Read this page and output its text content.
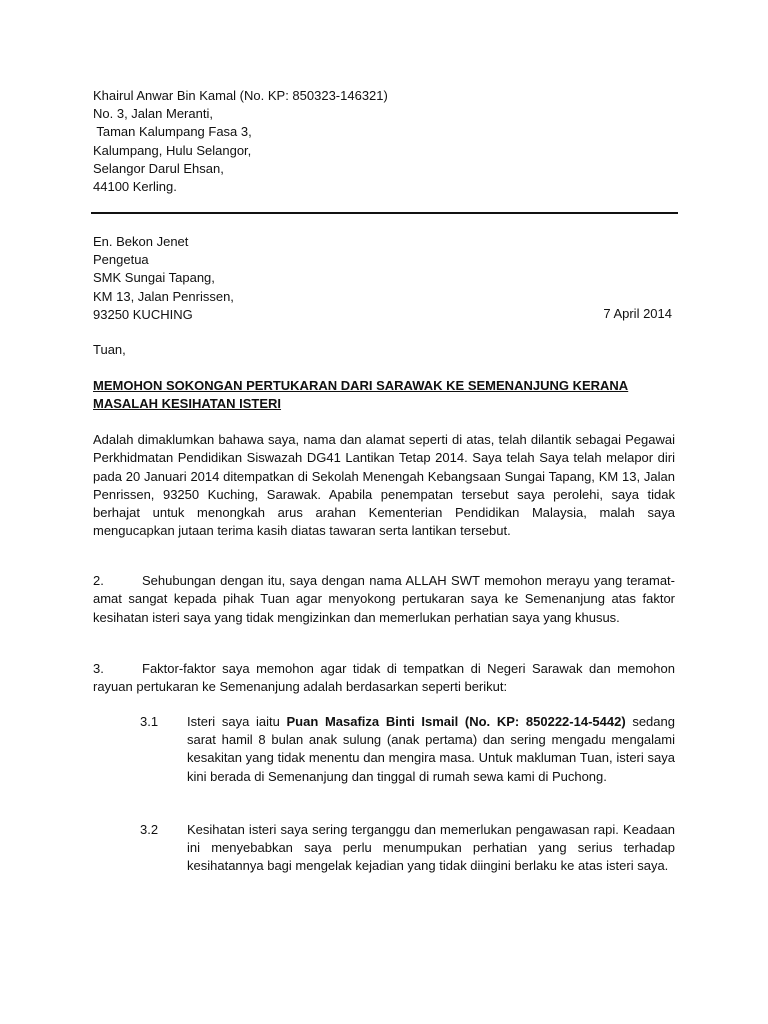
Khairul Anwar Bin Kamal (No. KP: 850323-146321)
No. 3, Jalan Meranti,
Taman Kalumpang Fasa 3,
Kalumpang, Hulu Selangor,
Selangor Darul Ehsan,
44100 Kerling.
En. Bekon Jenet
Pengetua
SMK Sungai Tapang,
KM 13, Jalan Penrissen,
93250 KUCHING	7 April 2014
Tuan,
MEMOHON SOKONGAN PERTUKARAN DARI SARAWAK KE SEMENANJUNG KERANA
MASALAH KESIHATAN ISTERI
Adalah dimaklumkan bahawa saya, nama dan alamat seperti di atas, telah dilantik sebagai Pegawai Perkhidmatan Pendidikan Siswazah DG41 Lantikan Tetap 2014. Saya telah Saya telah melapor diri pada 20 Januari 2014 ditempatkan di Sekolah Menengah Kebangsaan Sungai Tapang, KM 13, Jalan Penrissen, 93250 Kuching, Sarawak. Apabila penempatan tersebut saya perolehi, saya tidak berhajat untuk menongkah arus arahan Kementerian Pendidikan Malaysia, malah saya mengucapkan jutaan terima kasih diatas tawaran serta lantikan tersebut.
2.	Sehubungan dengan itu, saya dengan nama ALLAH SWT memohon merayu yang teramat-amat sangat kepada pihak Tuan agar menyokong pertukaran saya ke Semenanjung atas faktor kesihatan isteri saya yang tidak mengizinkan dan memerlukan perhatian saya yang khusus.
3.	Faktor-faktor saya memohon agar tidak di tempatkan di Negeri Sarawak dan memohon rayuan pertukaran ke Semenanjung adalah berdasarkan seperti berikut:
3.1 Isteri saya iaitu Puan Masafiza Binti Ismail (No. KP: 850222-14-5442) sedang sarat hamil 8 bulan anak sulung (anak pertama) dan sering mengadu mengalami kesakitan yang tidak menentu dan mengira masa. Untuk makluman Tuan, isteri saya kini berada di Semenanjung dan tinggal di rumah sewa kami di Puchong.
3.2 Kesihatan isteri saya sering terganggu dan memerlukan pengawasan rapi. Keadaan ini menyebabkan saya perlu menumpukan perhatian yang serius terhadap kesihatannya bagi mengelak kejadian yang tidak diingini berlaku ke atas isteri saya.
